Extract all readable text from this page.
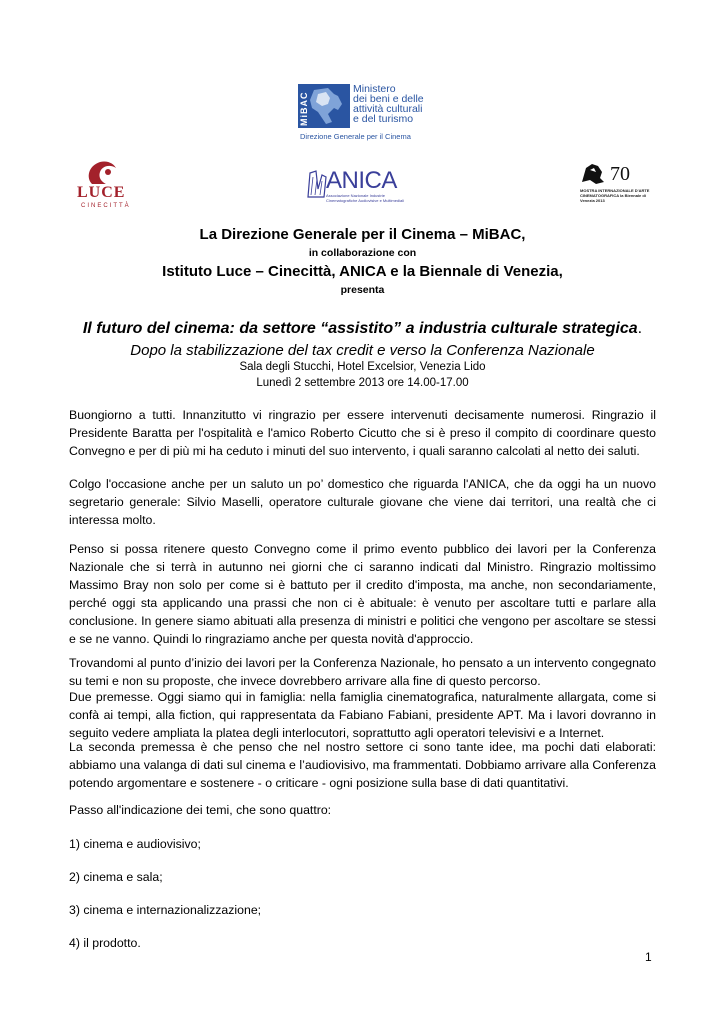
MiBAC
Ministero
dei beni e delle
attività culturali
e del turismo
Direzione Generale per il Cinema
LUCE
CINECITTÀ
ANICA
Associazione Nazionale Industrie Cinematografiche Audiovisive e Multimediali
70
MOSTRA INTERNAZIONALE D'ARTE CINEMATOGRAFICA la Biennale di Venezia 2013
La Direzione Generale per il Cinema – MiBAC,
in collaborazione con
Istituto Luce – Cinecittà, ANICA e la Biennale di Venezia,
presenta
Il futuro del cinema: da settore “assistito” a industria culturale strategica.
Dopo la stabilizzazione del tax credit e verso la Conferenza Nazionale
Sala degli Stucchi, Hotel Excelsior, Venezia Lido
Lunedì 2 settembre 2013 ore 14.00-17.00
Buongiorno a tutti. Innanzitutto vi ringrazio per essere intervenuti decisamente numerosi. Ringrazio il Presidente Baratta per l'ospitalità e l'amico Roberto Cicutto che si è preso il compito di coordinare questo Convegno e per di più mi ha ceduto i minuti del suo intervento, i quali saranno calcolati al netto dei saluti.
Colgo l'occasione anche per un saluto un po’ domestico che riguarda l'ANICA, che da oggi ha un nuovo segretario generale: Silvio Maselli, operatore culturale giovane che viene dai territori, una realtà che ci interessa molto.
Penso si possa ritenere questo Convegno come il primo evento pubblico dei lavori per la Conferenza Nazionale che si terrà in autunno nei giorni che ci saranno indicati dal Ministro. Ringrazio moltissimo Massimo Bray non solo per come si è battuto per il credito d'imposta, ma anche, non secondariamente, perché oggi sta applicando una prassi che non ci è abituale: è venuto per ascoltare tutti e parlare alla conclusione. In genere siamo abituati alla presenza di ministri e politici che vengono per ascoltare se stessi e se ne vanno. Quindi lo ringraziamo anche per questa novità d'approccio.
Trovandomi al punto d’inizio dei lavori per la Conferenza Nazionale, ho pensato a un intervento congegnato su temi e non su proposte, che invece dovrebbero arrivare alla fine di questo percorso.
Due premesse. Oggi siamo qui in famiglia: nella famiglia cinematografica, naturalmente allargata, come si confà ai tempi, alla fiction, qui rappresentata da Fabiano Fabiani, presidente APT. Ma i lavori dovranno in seguito vedere ampliata la platea degli interlocutori, soprattutto agli operatori televisivi e a Internet.
La seconda premessa è che penso che nel nostro settore ci sono tante idee, ma pochi dati elaborati: abbiamo una valanga di dati sul cinema e l’audiovisivo, ma frammentati. Dobbiamo arrivare alla Conferenza potendo argomentare e sostenere - o criticare - ogni posizione sulla base di dati quantitativi.
Passo all'indicazione dei temi, che sono quattro:
1) cinema e audiovisivo;
2) cinema e sala;
3) cinema e internazionalizzazione;
4) il prodotto.
1
